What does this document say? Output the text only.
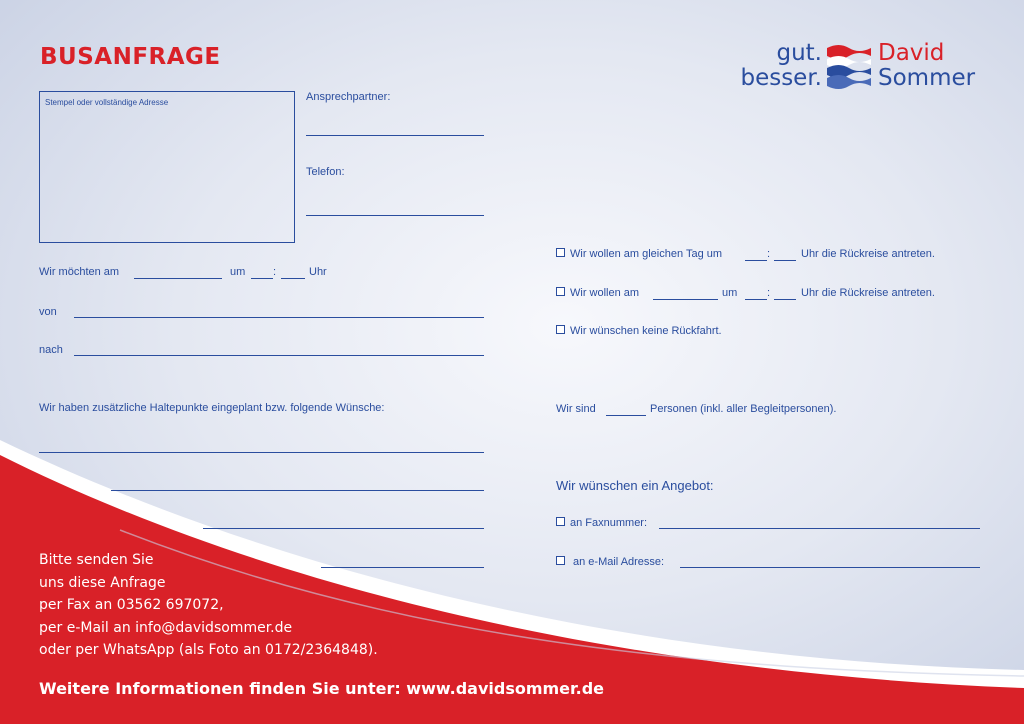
BUSANFRAGE	gut.
besser.
David
Sommer
Stempel oder vollständige Adresse	Ansprechpartner:
Telefon:
Wir möchten am	um	:	Uhr
von
nach
Wir haben zusätzliche Haltepunkte eingeplant bzw. folgende Wünsche:
Wir wollen am gleichen Tag um	:	Uhr die Rückreise antreten.
Wir wollen am	um	:	Uhr die Rückreise antreten.
Wir wünschen keine Rückfahrt.
Wir sind	Personen (inkl. aller Begleitpersonen).
Wir wünschen ein Angebot:
an Faxnummer:
an e-Mail Adresse:
Bitte senden Sie
uns diese Anfrage
per Fax an 03562 697072,
per e-Mail an info@davidsommer.de
oder per WhatsApp (als Foto an 0172/2364848).
Weitere Informationen finden Sie unter: www.davidsommer.de
